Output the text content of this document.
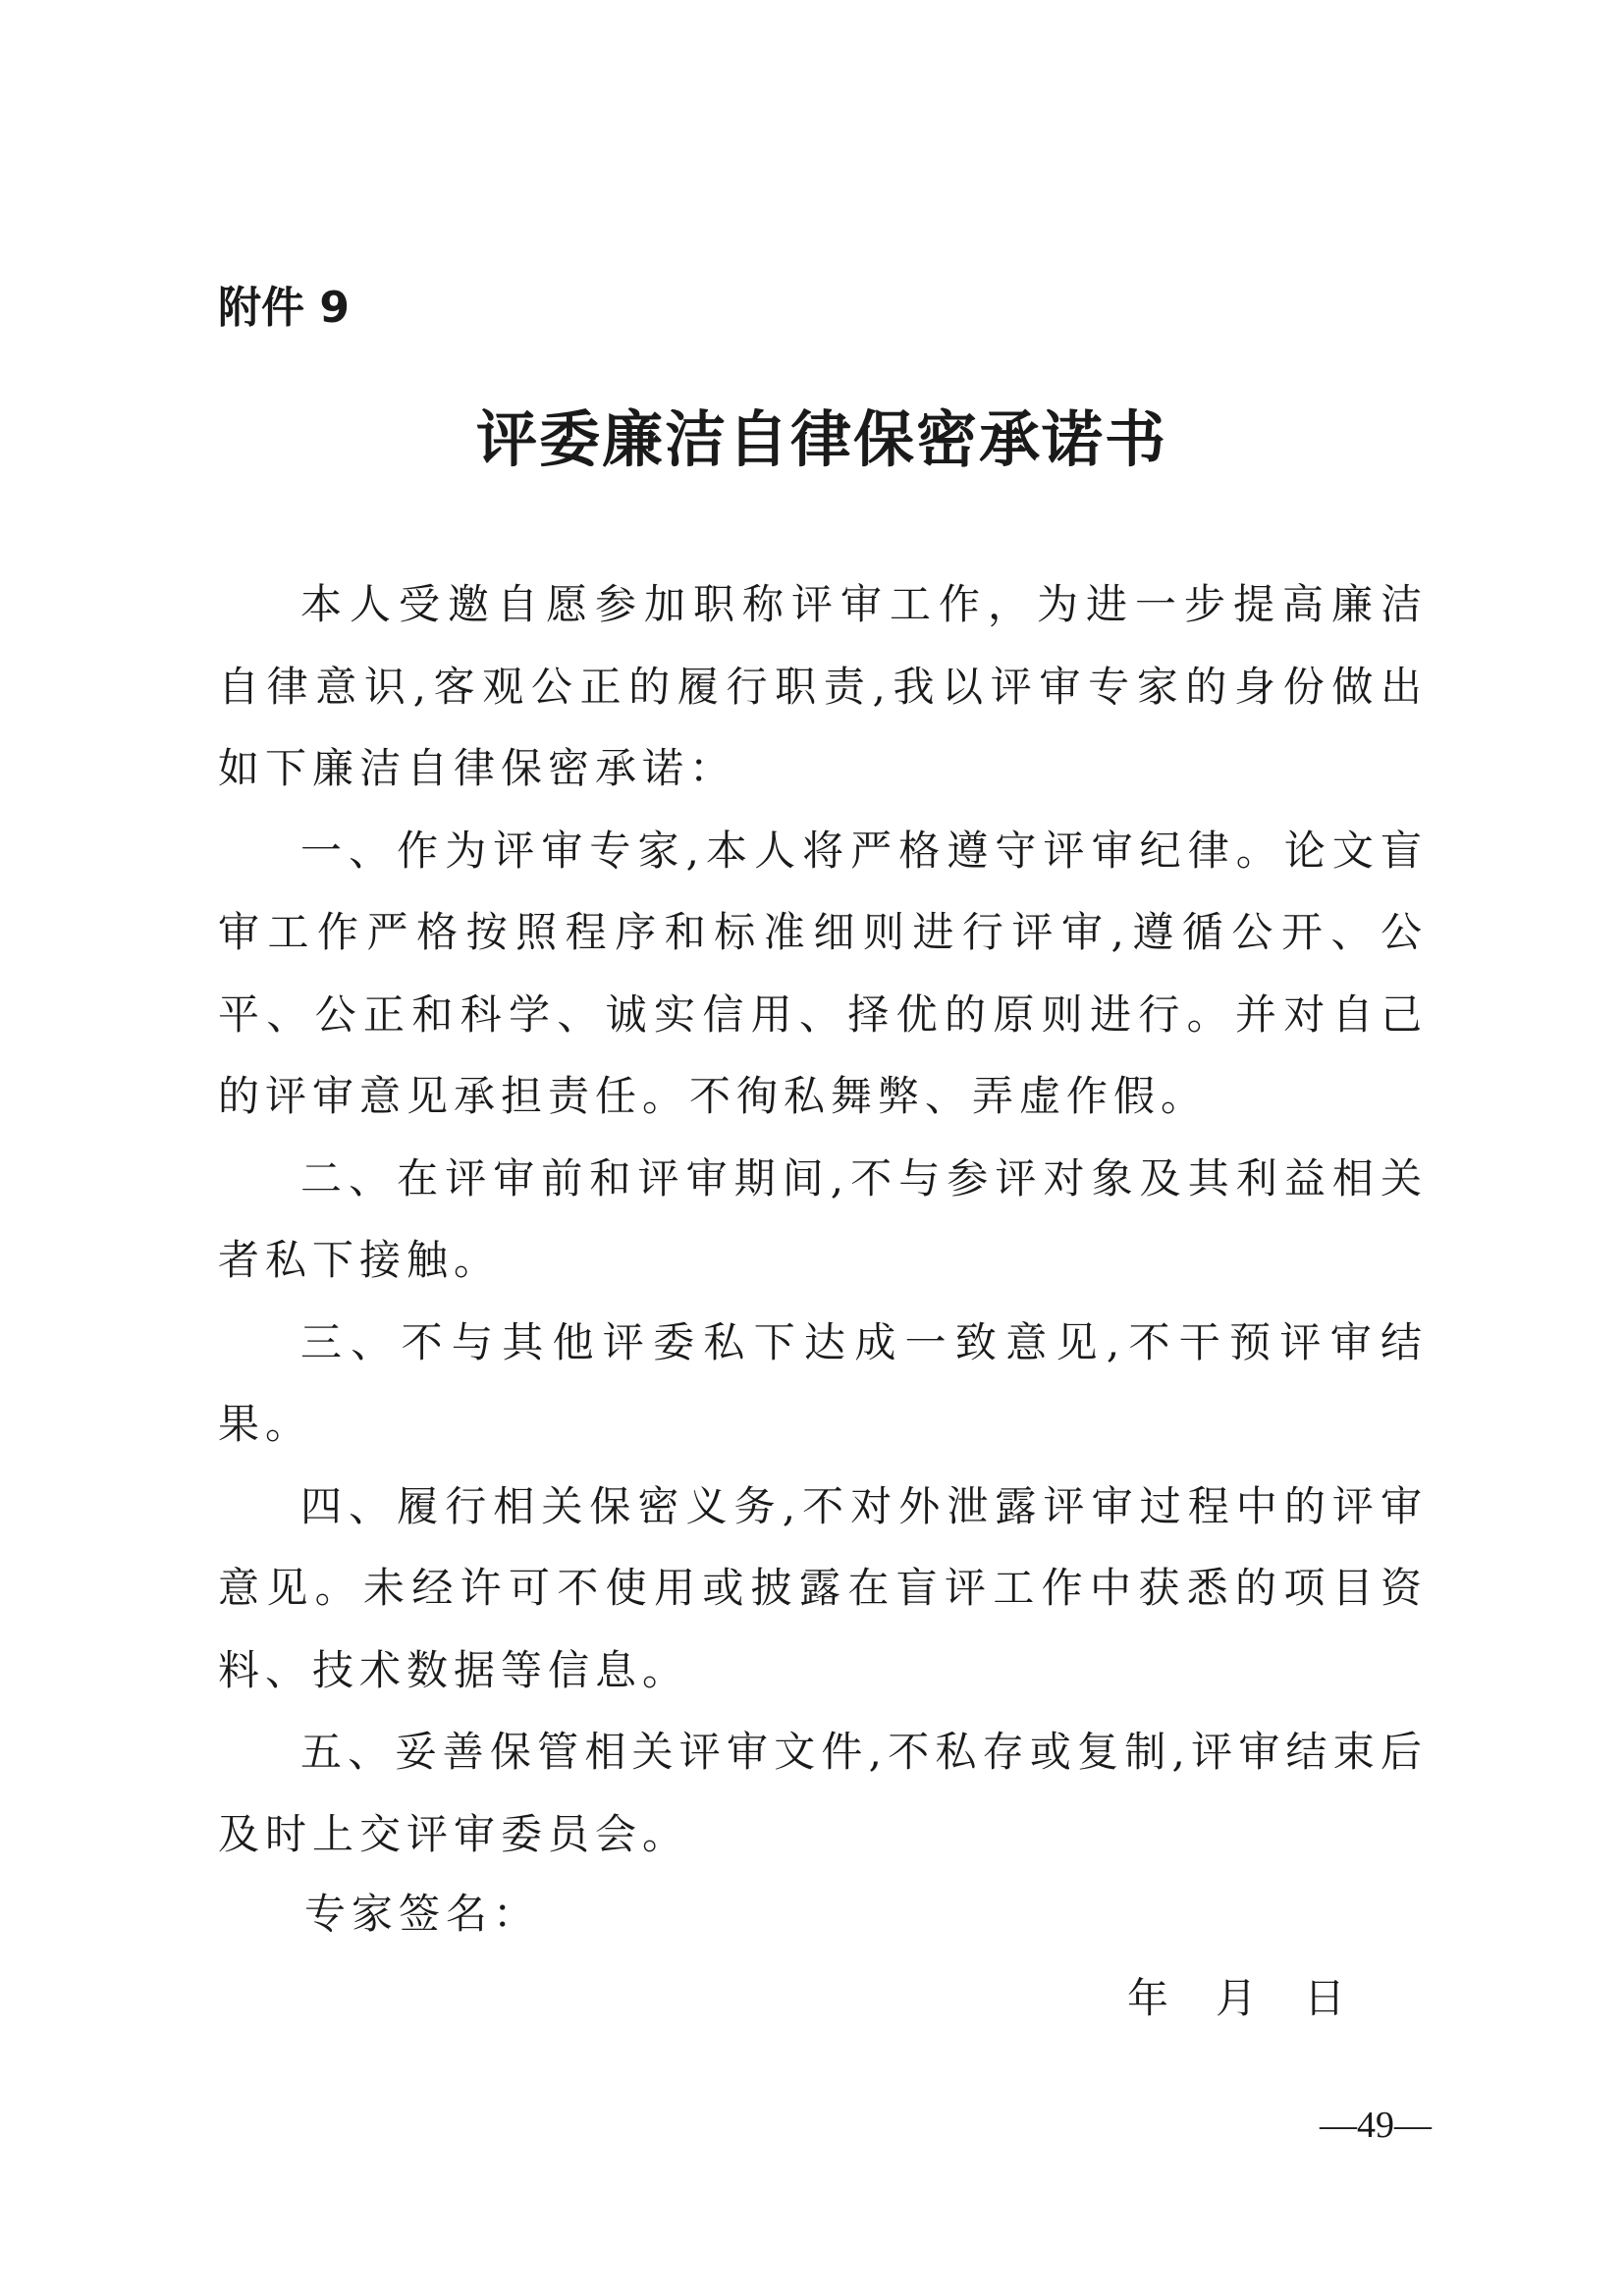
附件 9
评委廉洁自律保密承诺书

本人受邀自愿参加职称评审工作，为进一步提高廉洁自律意识,客观公正的履行职责,我以评审专家的身份做出如下廉洁自律保密承诺：

一、作为评审专家,本人将严格遵守评审纪律。论文盲审工作严格按照程序和标准细则进行评审,遵循公开、公平、公正和科学、诚实信用、择优的原则进行。并对自己的评审意见承担责任。不徇私舞弊、弄虚作假。

二、在评审前和评审期间,不与参评对象及其利益相关者私下接触。

三、不与其他评委私下达成一致意见,不干预评审结果。

四、履行相关保密义务,不对外泄露评审过程中的评审意见。未经许可不使用或披露在盲评工作中获悉的项目资料、技术数据等信息。

五、妥善保管相关评审文件,不私存或复制,评审结束后及时上交评审委员会。

专家签名：
年 月 日
—49—
